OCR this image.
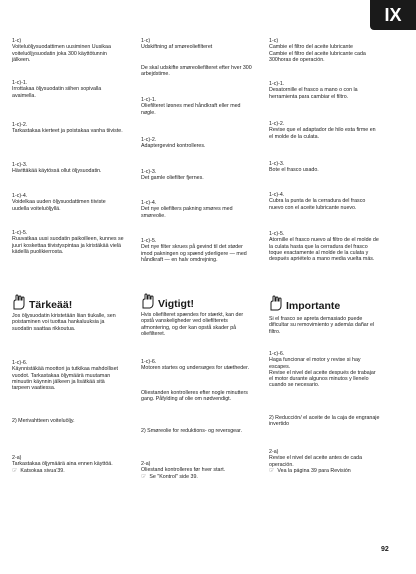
IX

1-c)

Voiteluöljysuodattimen uusiminen Uusikaa voiteluöljysuodatin joka 300 käyttötunnin jälkeen.

1-c)-1.

Irrottakaa öljysuodatin siihen sopivalla avaimella.

1-c)-2.

Tarkastakaa kierteet ja poistakaa vanha tiiviste.

1-c)-3.

Hävittäkää käytössä ollut öljysuodatin.

1-c)-4.

Voidelkaa uuden öljysuodattimen tiiviste uudella voiteluöljyllä.

1-c)-5.

Ruuvatkaa uusi suodatin paikoilleen, kunnes se juuri koskettaa tiivistyspintaa ja kiristäkää vielä kädellä puolikierrosta.

Tärkeää!

Jos öljysuodatin kiristetään liian tiukalle, sen poistaminen voi tuottaa hankaluuksia ja suodatin saattaa rikkoutua.

1-c)-6.

Käynnistäkää moottori ja tutkikaa mahdolliset vuodot. Tarkastakaa öljymäärä muutaman minuutin käynnin jälkeen ja lisätkää sitä tarpeen vaatiessa.

2) Merivahtteen voiteluöljy.

2-a)

Tarkastakaa öljymäärä aina ennen käyttöä.

☞ Katsokaa sivua'39.

1-c)

Udskiftning af smøreoliefilteret

De skal udskifte smøreoliefilteret efter hver 300 arbejdstime.

1-c)-1.

Oliefilteret løsnes med håndkraft eller med nøgle.

1-c)-2.

Adaptergevind kontrolleres.

1-c)-3.

Det gamle oliefilter fjernes.

1-c)-4.

Det nye oliefilters pakning smøres med smøreolie.

1-c)-5.

Det nye filter skrues på gevind til det støder imod pakningen og spænd yderligere — med håndkraft — en halv omdrejning.

Vigtigt!

Hvis oliefilteret spændes for stærkt, kan der opstå vanskeligheder ved oliefilterets afmontering, og der kan opstå skader på oliefilteret.

1-c)-6.

Motoren startes og undersøges for utætheder.

Oliestanden kontrolleres efter nogle minutters gang. Påfylding af olie om nødvendigt.

2) Smøreolie for reduktions- og reversgear.

2-a)

Oliestand kontrolleres før hver start.

☞ Se "Kontrol" side 39.

1-c)

Cambie el filtro del aceite lubricante

Cambie el filtro del aceite lubricante cada 300horas de operación.

1-c)-1.

Desatornille el frasco a mano o con la herramienta para cambiar el filtro.

1-c)-2.

Revise que el adaptador de hilo esta firme en el molde de la culata.

1-c)-3.

Bote el frasco usado.

1-c)-4.

Cubra la punta de la cerradura del frasco nuevo con el aceite lubricante nuevo.

1-c)-5.

Atornille el frasco nuevo al filtro de el molde de la culata hasta que la cerradura del frasco toque exactamente al molde de la culata y después apriételo a mano media vuelta más.

Importante

Si el frasco se apreta demasiado puede dificultar su removimiento y además dañar el filtro.

1-c)-6.

Haga funcionar el motor y revise si hay escapes.

Revise el nivel del aceite después de trabajar el motor durante algunos minutos y llenelo cuando se necesario.

2) Reducción/ el aceite de la caja de engranaje invertido

2-a)

Revise el nivel del aceite antes de cada operación.

☞ Vea la página 39 para Revisión

92
